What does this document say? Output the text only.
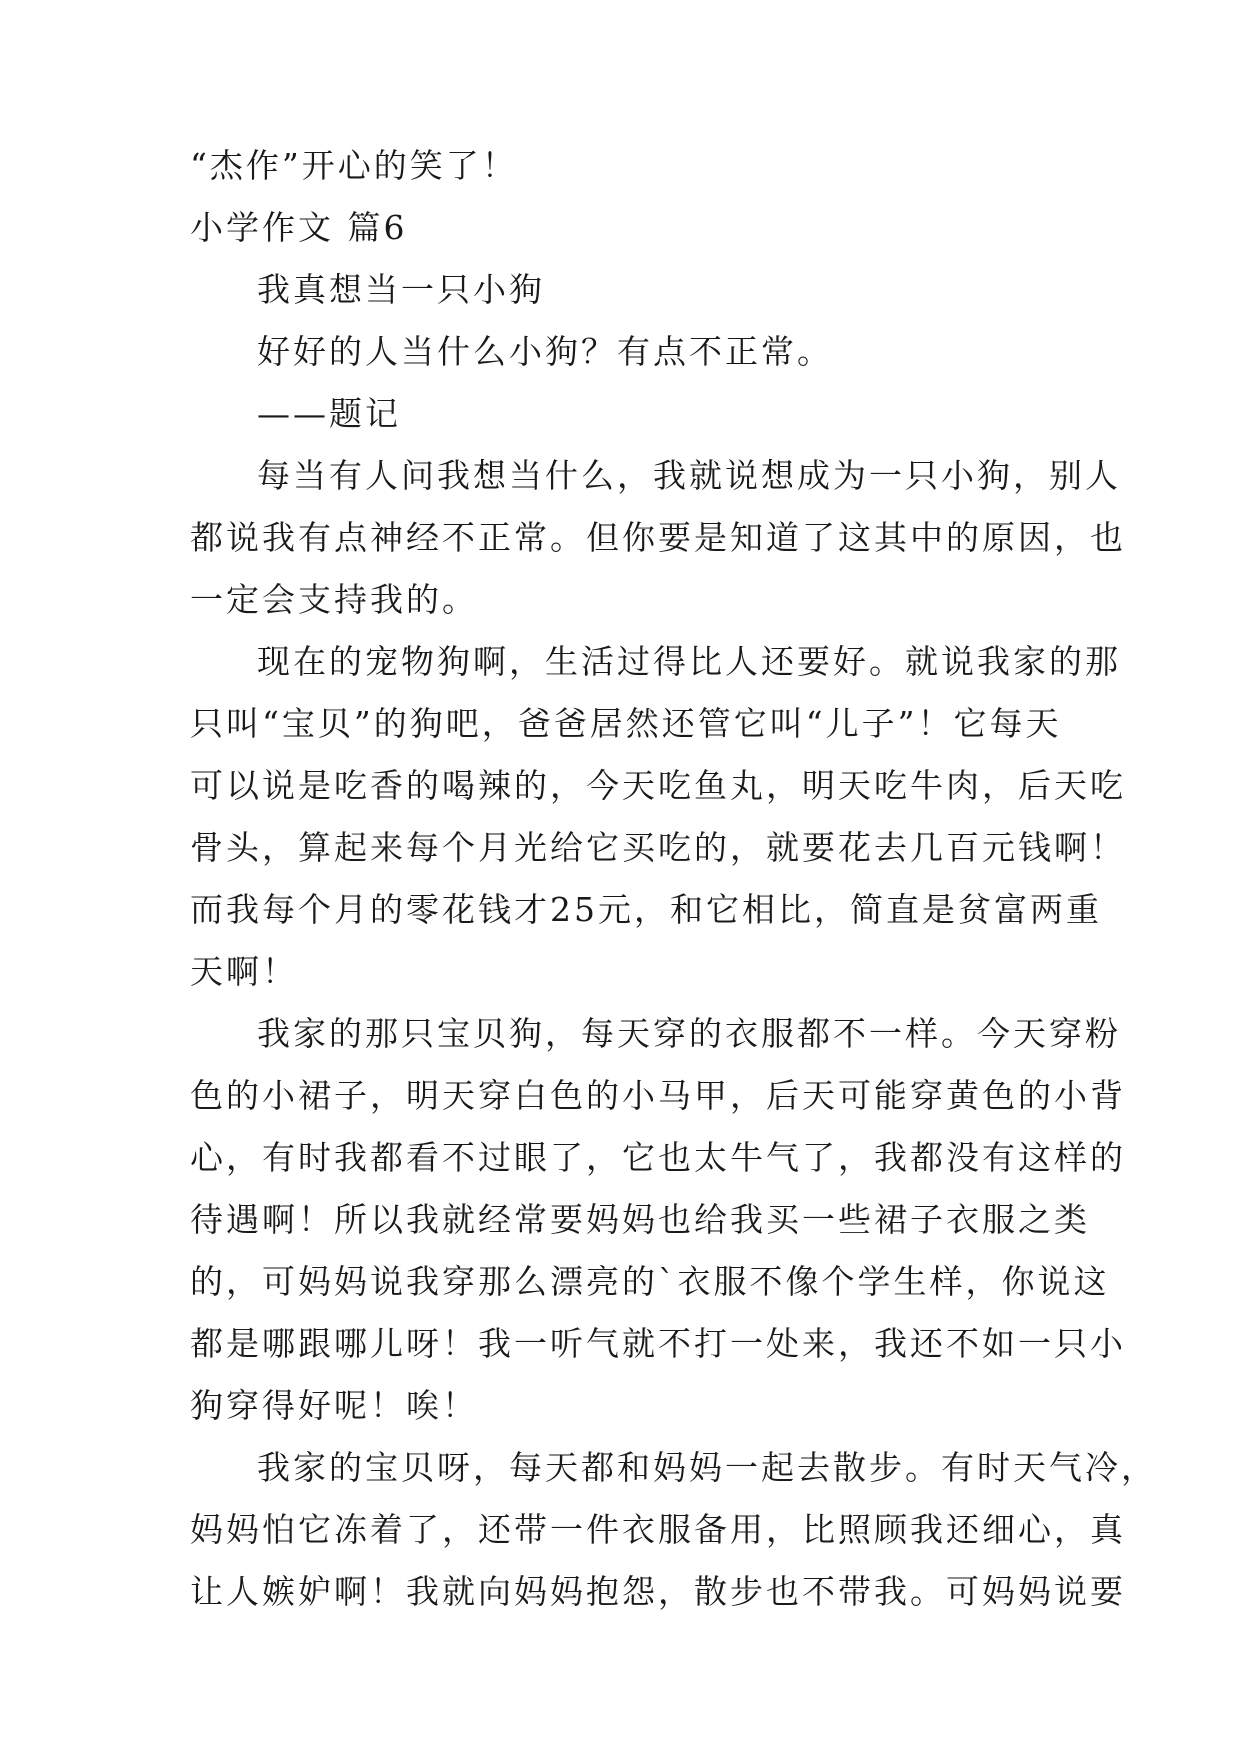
“杰作”开心的笑了！
小学作文 篇6
我真想当一只小狗
好好的人当什么小狗？有点不正常。
——题记
每当有人问我想当什么，我就说想成为一只小狗，别人
都说我有点神经不正常。但你要是知道了这其中的原因，也
一定会支持我的。
现在的宠物狗啊，生活过得比人还要好。就说我家的那
只叫“宝贝”的狗吧，爸爸居然还管它叫“儿子”！它每天
可以说是吃香的喝辣的，今天吃鱼丸，明天吃牛肉，后天吃
骨头，算起来每个月光给它买吃的，就要花去几百元钱啊！
而我每个月的零花钱才25元，和它相比，简直是贫富两重
天啊！
我家的那只宝贝狗，每天穿的衣服都不一样。今天穿粉
色的小裙子，明天穿白色的小马甲，后天可能穿黄色的小背
心，有时我都看不过眼了，它也太牛气了，我都没有这样的
待遇啊！所以我就经常要妈妈也给我买一些裙子衣服之类
的，可妈妈说我穿那么漂亮的`衣服不像个学生样，你说这
都是哪跟哪儿呀！我一听气就不打一处来，我还不如一只小
狗穿得好呢！唉！
我家的宝贝呀，每天都和妈妈一起去散步。有时天气冷，
妈妈怕它冻着了，还带一件衣服备用，比照顾我还细心，真
让人嫉妒啊！我就向妈妈抱怨，散步也不带我。可妈妈说要
